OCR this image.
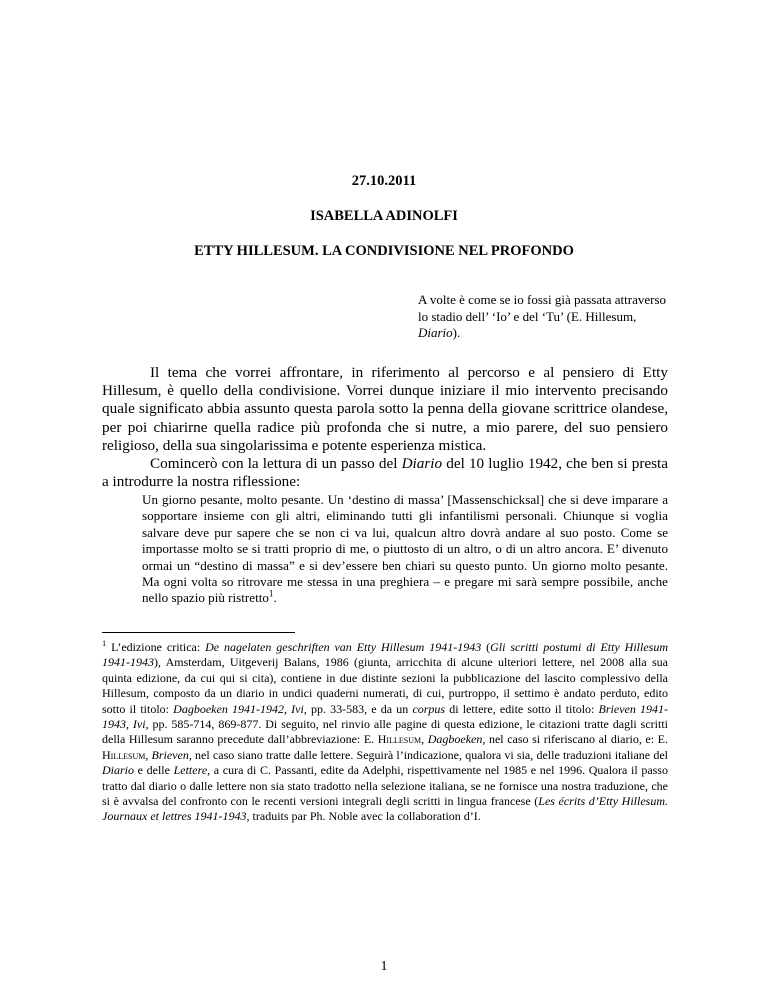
27.10.2011
ISABELLA ADINOLFI
ETTY HILLESUM. LA CONDIVISIONE NEL PROFONDO
A volte è come se io fossi già passata attraverso lo stadio dell’ ‘Io’ e del ‘Tu’ (E. Hillesum, Diario).

Il tema che vorrei affrontare, in riferimento al percorso e al pensiero di Etty Hillesum, è quello della condivisione. Vorrei dunque iniziare il mio intervento precisando quale significato abbia assunto questa parola sotto la penna della giovane scrittrice olandese, per poi chiarirne quella radice più profonda che si nutre, a mio parere, del suo pensiero religioso, della sua singolarissima e potente esperienza mistica.

Comincerò con la lettura di un passo del Diario del 10 luglio 1942, che ben si presta a introdurre la nostra riflessione:

Un giorno pesante, molto pesante. Un ‘destino di massa’ [Massenschicksal] che si deve imparare a sopportare insieme con gli altri, eliminando tutti gli infantilismi personali. Chiunque si voglia salvare deve pur sapere che se non ci va lui, qualcun altro dovrà andare al suo posto. Come se importasse molto se si tratti proprio di me, o piuttosto di un altro, o di un altro ancora. E’ divenuto ormai un “destino di massa” e si dev’essere ben chiari su questo punto. Un giorno molto pesante. Ma ogni volta so ritrovare me stessa in una preghiera – e pregare mi sarà sempre possibile, anche nello spazio più ristretto$^1$.

$^1$ L’edizione critica: De nagelaten geschriften van Etty Hillesum 1941-1943 (Gli scritti postumi di Etty Hillesum 1941-1943), Amsterdam, Uitgeverij Balans, 1986 (giunta, arricchita di alcune ulteriori lettere, nel 2008 alla sua quinta edizione, da cui qui si cita), contiene in due distinte sezioni la pubblicazione del lascito complessivo della Hillesum, composto da un diario in undici quaderni numerati, di cui, purtroppo, il settimo è andato perduto, edito sotto il titolo: Dagboeken 1941-1942, Ivi, pp. 33-583, e da un corpus di lettere, edite sotto il titolo: Brieven 1941-1943, Ivi, pp. 585-714, 869-877. Di seguito, nel rinvio alle pagine di questa edizione, le citazioni tratte dagli scritti della Hillesum saranno precedute dall’abbreviazione: E. Hillesum, Dagboeken, nel caso si riferiscano al diario, e: E. Hillesum, Brieven, nel caso siano tratte dalle lettere. Seguirà l’indicazione, qualora vi sia, delle traduzioni italiane del Diario e delle Lettere, a cura di C. Passanti, edite da Adelphi, rispettivamente nel 1985 e nel 1996. Qualora il passo tratto dal diario o dalle lettere non sia stato tradotto nella selezione italiana, se ne fornisce una nostra traduzione, che si è avvalsa del confronto con le recenti versioni integrali degli scritti in lingua francese (Les écrits d’Etty Hillesum. Journaux et lettres 1941-1943, traduits par Ph. Noble avec la collaboration d’I.

1
